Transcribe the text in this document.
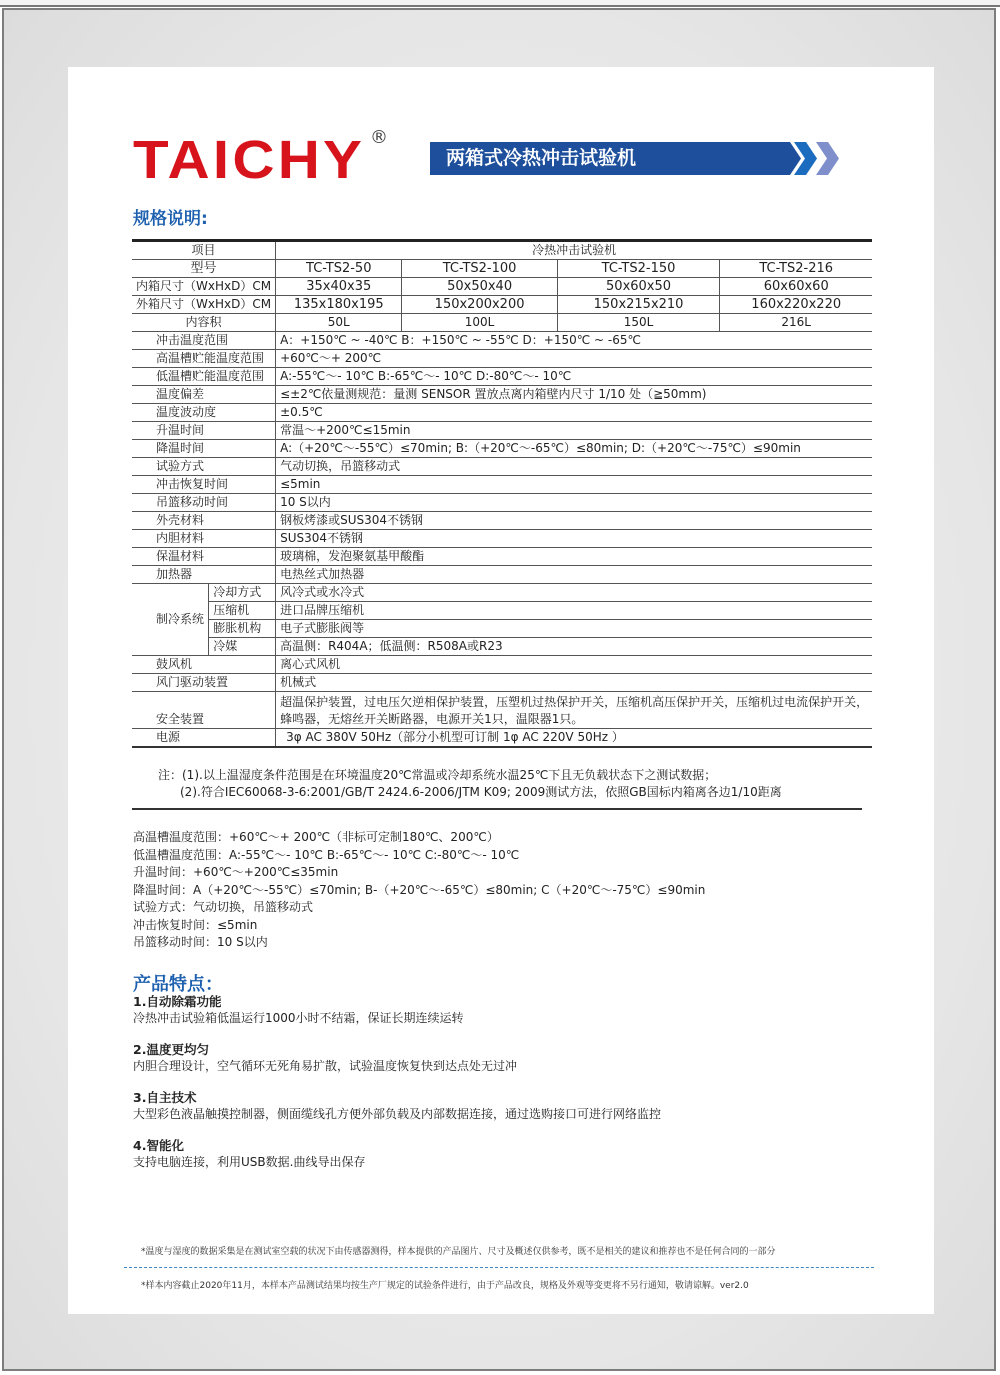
TAICHY ®
两箱式冷热冲击试验机
规格说明:
项目		冷热冲击试验机			
型号		TC-TS2-50	TC-TS2-100	TC-TS2-150	TC-TS2-216
内箱尺寸（WxHxD）CM		35x40x35	50x50x40	50x60x50	60x60x60
外箱尺寸（WxHxD）CM		135x180x195	150x200x200	150x215x210	160x220x220
内容积		50L	100L	150L	216L
冲击温度范围		A：+150℃ ~ -40℃ B：+150℃ ~ -55℃ D：+150℃ ~ -65℃			
高温槽贮能温度范围		+60℃～+ 200℃			
低温槽贮能温度范围		A:-55℃～- 10℃ B:-65℃～- 10℃ D:-80℃～- 10℃			
温度偏差		≤±2℃依量测规范：量测 SENSOR 置放点离内箱壁内尺寸 1/10 处（≧50mm)			
温度波动度		±0.5℃			
升温时间		常温～+200℃≤15min			
降温时间		A:（+20℃～-55℃）≤70min; B:（+20℃～-65℃）≤80min; D:（+20℃～-75℃）≤90min			
试验方式		气动切换，吊篮移动式			
冲击恢复时间		≤5min			
吊篮移动时间		10 S以内			
外壳材料		钢板烤漆或SUS304不锈钢			
内胆材料		SUS304不锈钢			
保温材料		玻璃棉，发泡聚氨基甲酸酯			
加热器		电热丝式加热器			
制冷系统	冷却方式	风冷式或水冷式			
	压缩机	进口品牌压缩机			
	膨胀机构	电子式膨胀阀等			
	冷媒	高温侧：R404A；低温侧：R508A或R23			
鼓风机		离心式风机			
风门驱动装置		机械式			
安全装置		超温保护装置，过电压欠逆相保护装置，压塑机过热保护开关，压缩机高压保护开关，压缩机过电流保护开关，
蜂鸣器，无熔丝开关断路器，电源开关1只，温限器1只。			

电源		3φ AC 380V 50Hz（部分小机型可订制 1φ AC 220V 50Hz ）			
注：(1).以上温湿度条件范围是在环境温度20℃常温或冷却系统水温25℃下且无负载状态下之测试数据；
(2).符合IEC60068-3-6:2001/GB/T 2424.6-2006/JTM K09; 2009测试方法，依照GB国标内箱离各边1/10距离
高温槽温度范围：+60℃～+ 200℃（非标可定制180℃、200℃）
低温槽温度范围：A:-55℃～- 10℃ B:-65℃～- 10℃ C:-80℃～- 10℃
升温时间：+60℃～+200℃≤35min
降温时间：A（+20℃～-55℃）≤70min; B-（+20℃～-65℃）≤80min; C（+20℃～-75℃）≤90min
试验方式：气动切换，吊篮移动式
冲击恢复时间：≤5min
吊篮移动时间：10 S以内
产品特点：
1.自动除霜功能
冷热冲击试验箱低温运行1000小时不结霜，保证长期连续运转
2.温度更均匀
内胆合理设计，空气循环无死角易扩散，试验温度恢复快到达点处无过冲
3.自主技术
大型彩色液晶触摸控制器，侧面缆线孔方便外部负载及内部数据连接，通过选购接口可进行网络监控
4.智能化
支持电脑连接，利用USB数据.曲线导出保存
*温度与湿度的数据采集是在测试室空载的状况下由传感器测得，样本提供的产品图片、尺寸及概述仅供参考，既不是相关的建议和推荐也不是任何合同的一部分
*样本内容截止2020年11月，本样本产品测试结果均按生产厂规定的试验条件进行，由于产品改良，规格及外观等变更将不另行通知，敬请谅解。ver2.0
